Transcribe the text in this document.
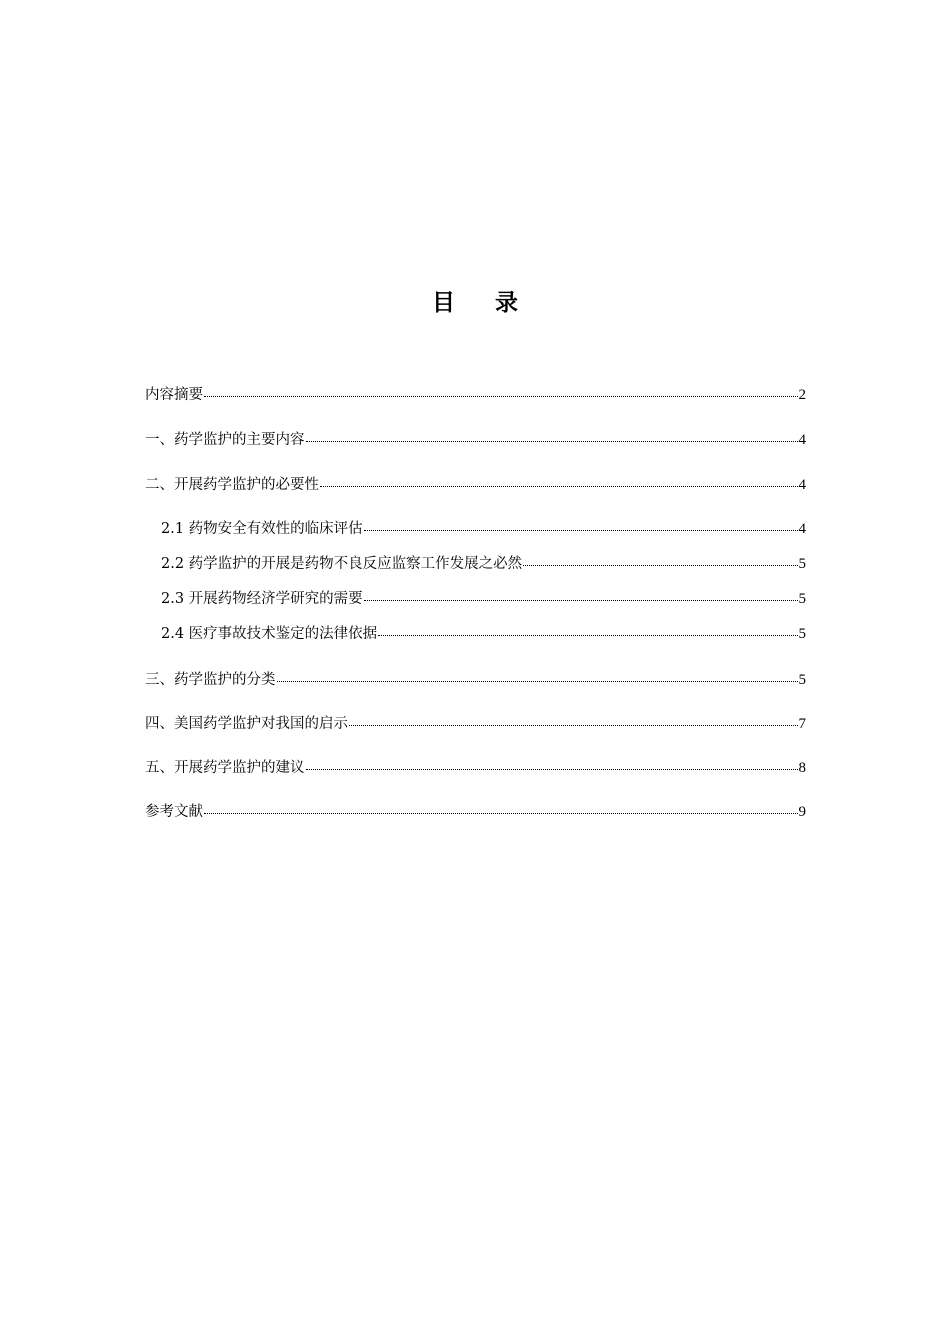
目 录
内容摘要	2
一、药学监护的主要内容	4
二、开展药学监护的必要性	4
2.1 药物安全有效性的临床评估	4
2.2 药学监护的开展是药物不良反应监察工作发展之必然	5
2.3 开展药物经济学研究的需要	5
2.4 医疗事故技术鉴定的法律依据	5
三、药学监护的分类	5
四、美国药学监护对我国的启示	7
五、开展药学监护的建议	8
参考文献	9
